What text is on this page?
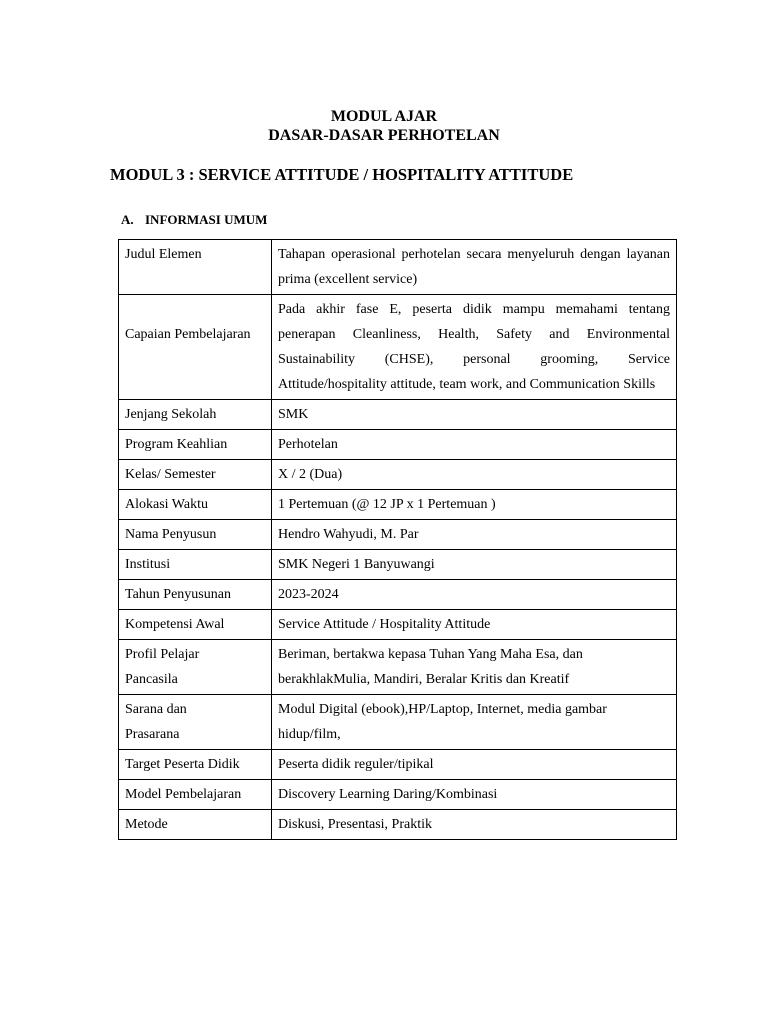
MODUL AJAR
DASAR-DASAR PERHOTELAN
MODUL 3 : SERVICE ATTITUDE / HOSPITALITY ATTITUDE
A. INFORMASI UMUM
Judul Elemen	Tahapan operasional perhotelan secara menyeluruh dengan layanan prima (excellent service)
Capaian Pembelajaran	Pada akhir fase E, peserta didik mampu memahami tentang penerapan Cleanliness, Health, Safety and Environmental Sustainability (CHSE), personal grooming, Service Attitude/hospitality attitude, team work, and Communication Skills
Jenjang Sekolah	SMK
Program Keahlian	Perhotelan
Kelas/ Semester	X / 2 (Dua)
Alokasi Waktu	1 Pertemuan (@ 12 JP x 1 Pertemuan )
Nama Penyusun	Hendro Wahyudi, M. Par
Institusi	SMK Negeri 1 Banyuwangi
Tahun Penyusunan	2023-2024
Kompetensi Awal	Service Attitude / Hospitality Attitude
Profil Pelajar Pancasila	Beriman, bertakwa kepasa Tuhan Yang Maha Esa, dan berakhlakMulia, Mandiri, Beralar Kritis dan Kreatif
Sarana dan Prasarana	Modul Digital (ebook),HP/Laptop, Internet, media gambar hidup/film,
Target Peserta Didik	Peserta didik reguler/tipikal
Model Pembelajaran	Discovery Learning Daring/Kombinasi
Metode	Diskusi, Presentasi, Praktik
